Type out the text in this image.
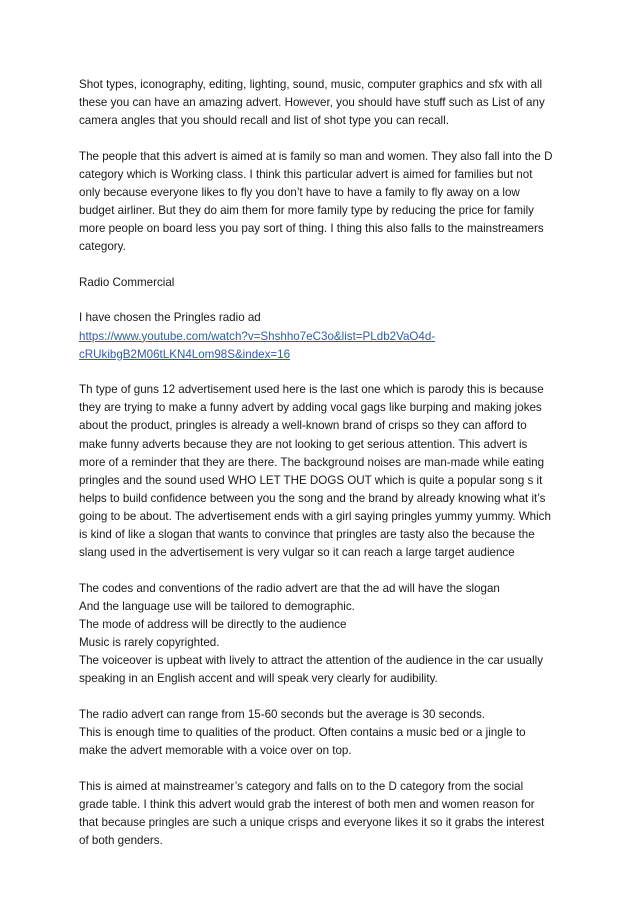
Shot types, iconography, editing, lighting, sound, music, computer graphics and sfx with all
these you can have an amazing advert. However, you should have stuff such as List of any
camera angles that you should recall and list of shot type you can recall.
The people that this advert is aimed at is family so man and women. They also fall into the D
category which is Working class. I think this particular advert is aimed for families but not
only because everyone likes to fly you don’t have to have a family to fly away on a low
budget airliner. But they do aim them for more family type by reducing the price for family
more people on board less you pay sort of thing. I thing this also falls to the mainstreamers
category.
Radio Commercial
I have chosen the Pringles radio ad
https://www.youtube.com/watch?v=Shshho7eC3o&list=PLdb2VaO4d-
cRUkibgB2M06tLKN4Lom98S&index=16
Th type of guns 12 advertisement used here is the last one which is parody this is because
they are trying to make a funny advert by adding vocal gags like burping and making jokes
about the product, pringles is already a well-known brand of crisps so they can afford to
make funny adverts because they are not looking to get serious attention. This advert is
more of a reminder that they are there. The background noises are man-made while eating
pringles and the sound used WHO LET THE DOGS OUT which is quite a popular song s it
helps to build confidence between you the song and the brand by already knowing what it’s
going to be about. The advertisement ends with a girl saying pringles yummy yummy. Which
is kind of like a slogan that wants to convince that pringles are tasty also the because the
slang used in the advertisement is very vulgar so it can reach a large target audience
The codes and conventions of the radio advert are that the ad will have the slogan
And the language use will be tailored to demographic.
The mode of address will be directly to the audience
Music is rarely copyrighted.
The voiceover is upbeat with lively to attract the attention of the audience in the car usually
speaking in an English accent and will speak very clearly for audibility.
The radio advert can range from 15-60 seconds but the average is 30 seconds.
This is enough time to qualities of the product. Often contains a music bed or a jingle to
make the advert memorable with a voice over on top.
This is aimed at mainstreamer’s category and falls on to the D category from the social
grade table. I think this advert would grab the interest of both men and women reason for
that because pringles are such a unique crisps and everyone likes it so it grabs the interest
of both genders.
